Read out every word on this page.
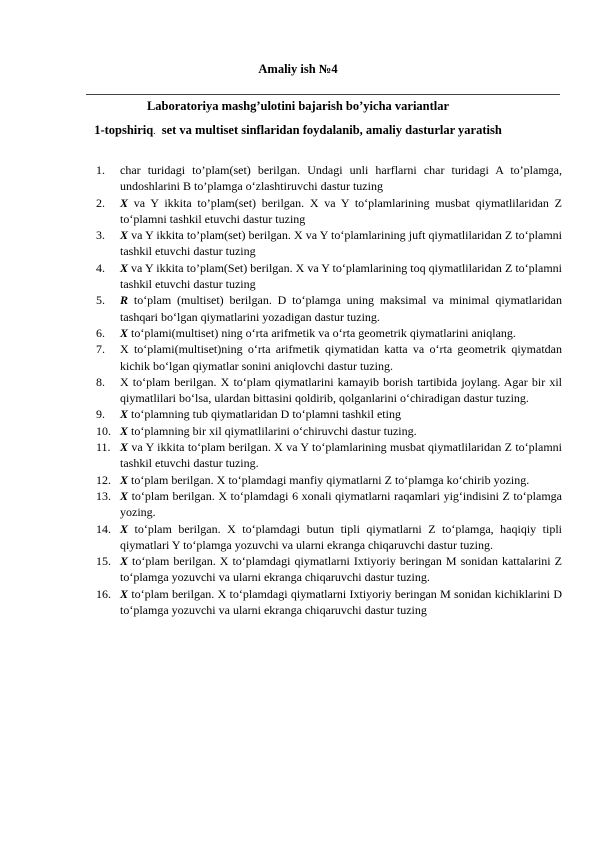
Amaliy ish №4
Laboratoriya mashg’ulotini bajarish bo’yicha variantlar
1-topshiriq. set va multiset sinflaridan foydalanib, amaliy dasturlar yaratish
1. char turidagi to’plam(set) berilgan. Undagi unli harflarni char turidagi A to’plamga, undoshlarini B to’plamga o‘zlashtiruvchi dastur tuzing
2. X va Y ikkita to’plam(set) berilgan. X va Y to‘plamlarining musbat qiymatlilaridan Z to‘plamni tashkil etuvchi dastur tuzing
3. X va Y ikkita to’plam(set) berilgan. X va Y to‘plamlarining juft qiymatlilaridan Z to‘plamni tashkil etuvchi dastur tuzing
4. X va Y ikkita to’plam(Set) berilgan. X va Y to‘plamlarining toq qiymatlilaridan Z to‘plamni tashkil etuvchi dastur tuzing
5. R to‘plam (multiset) berilgan. D to‘plamga uning maksimal va minimal qiymatlaridan tashqari bo‘lgan qiymatlarini yozadigan dastur tuzing.
6. X to‘plami(multiset) ning o‘rta arifmetik va o‘rta geometrik qiymatlarini aniqlang.
7. X to‘plami(multiset)ning o‘rta arifmetik qiymatidan katta va o‘rta geometrik qiymatdan kichik bo‘lgan qiymatlar sonini aniqlovchi dastur tuzing.
8. X to‘plam berilgan. X to‘plam qiymatlarini kamayib borish tartibida joylang. Agar bir xil qiymatlilari bo‘lsa, ulardan bittasini qoldirib, qolganlarini o‘chiradigan dastur tuzing.
9. X to‘plamning tub qiymatlaridan D to‘plamni tashkil eting
10. X to‘plamning bir xil qiymatlilarini o‘chiruvchi dastur tuzing.
11. X va Y ikkita to‘plam berilgan. X va Y to‘plamlarining musbat qiymatlilaridan Z to‘plamni tashkil etuvchi dastur tuzing.
12. X to‘plam berilgan. X to‘plamdagi manfiy qiymatlarni Z to‘plamga ko‘chirib yozing.
13. X to‘plam berilgan. X to‘plamdagi 6 xonali qiymatlarni raqamlari yig‘indisini Z to‘plamga yozing.
14. X to‘plam berilgan. X to‘plamdagi butun tipli qiymatlarni Z to‘plamga, haqiqiy tipli qiymatlari Y to‘plamga yozuvchi va ularni ekranga chiqaruvchi dastur tuzing.
15. X to‘plam berilgan. X to‘plamdagi qiymatlarni Ixtiyoriy beringan M sonidan kattalarini Z to‘plamga yozuvchi va ularni ekranga chiqaruvchi dastur tuzing.
16. X to‘plam berilgan. X to‘plamdagi qiymatlarni Ixtiyoriy beringan M sonidan kichiklarini D to‘plamga yozuvchi va ularni ekranga chiqaruvchi dastur tuzing
